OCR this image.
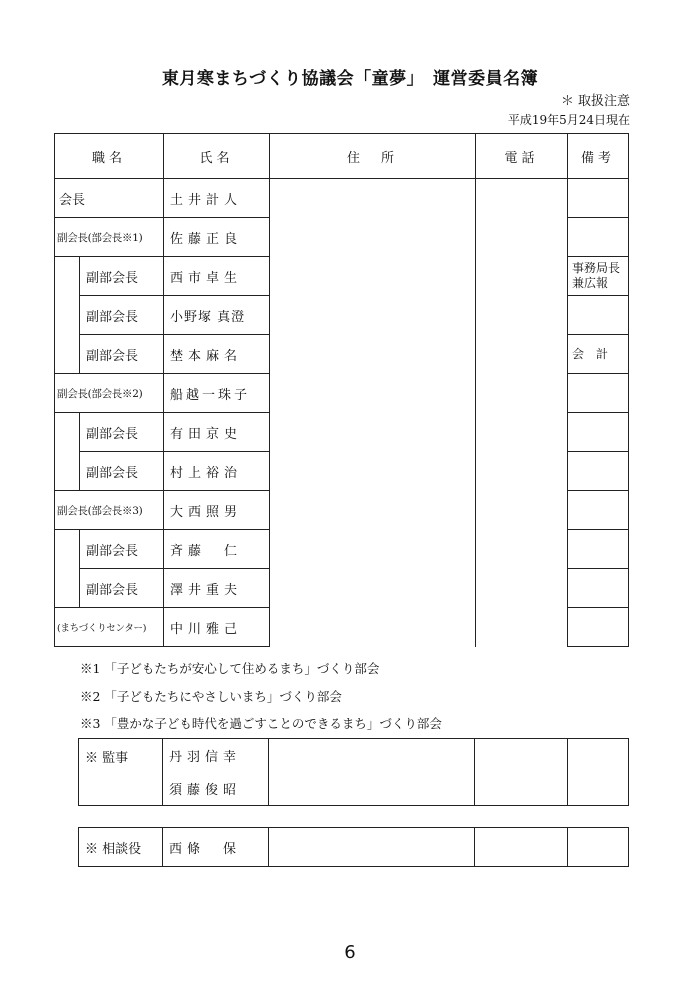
東月寒まちづくり協議会「童夢」　運営委員名簿
＊ 取扱注意
平成19年5月24日現在
職名		氏名	住　所	電話	備考
会長		土井計人			
副会長(部会長※1)		佐藤正良			
	副部会長	西市卓生			事務局長 兼広報
	副部会長	小野塚 真澄			
	副部会長	埜本麻名			会　計
副会長(部会長※2)		船越一珠子			
	副部会長	有田京史			
	副部会長	村上裕治			
副会長(部会長※3)		大西照男			
	副部会長	斉藤　仁			
	副部会長	澤井重夫			
(まちづくりセンター)		中川雅己			
※1 「子どもたちが安心して住めるまち」づくり部会
※2 「子どもたちにやさしいまち」づくり部会
※3 「豊かな子ども時代を過ごすことのできるまち」づくり部会
※ 監事	丹羽信幸			
須藤俊昭
※ 相談役	西條　保			
6
